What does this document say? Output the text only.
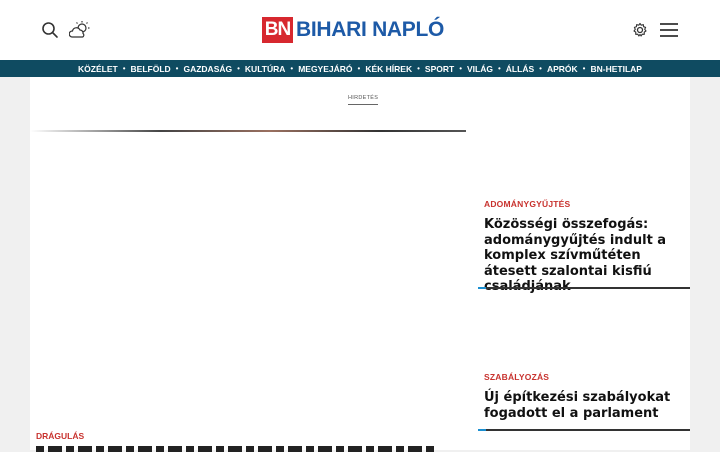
BN BIHARI NAPLÓ
KÖZÉLET • BELFÖLD • GAZDASÁG • KULTÚRA • MEGYEJÁRÓ • KÉK HÍREK • SPORT • VILÁG • ÁLLÁS • APRÓK • BN-HETILAP
HIRDETÉS
ADOMÁNYGYŰJTÉS
Közösségi összefogás: adománygyűjtés indult a komplex szívműtéten átesett szalontai kisfiú
SZABÁLYOZÁS
Új építkezési szabályokat fogadott el a parlament
DRÁGULÁS
